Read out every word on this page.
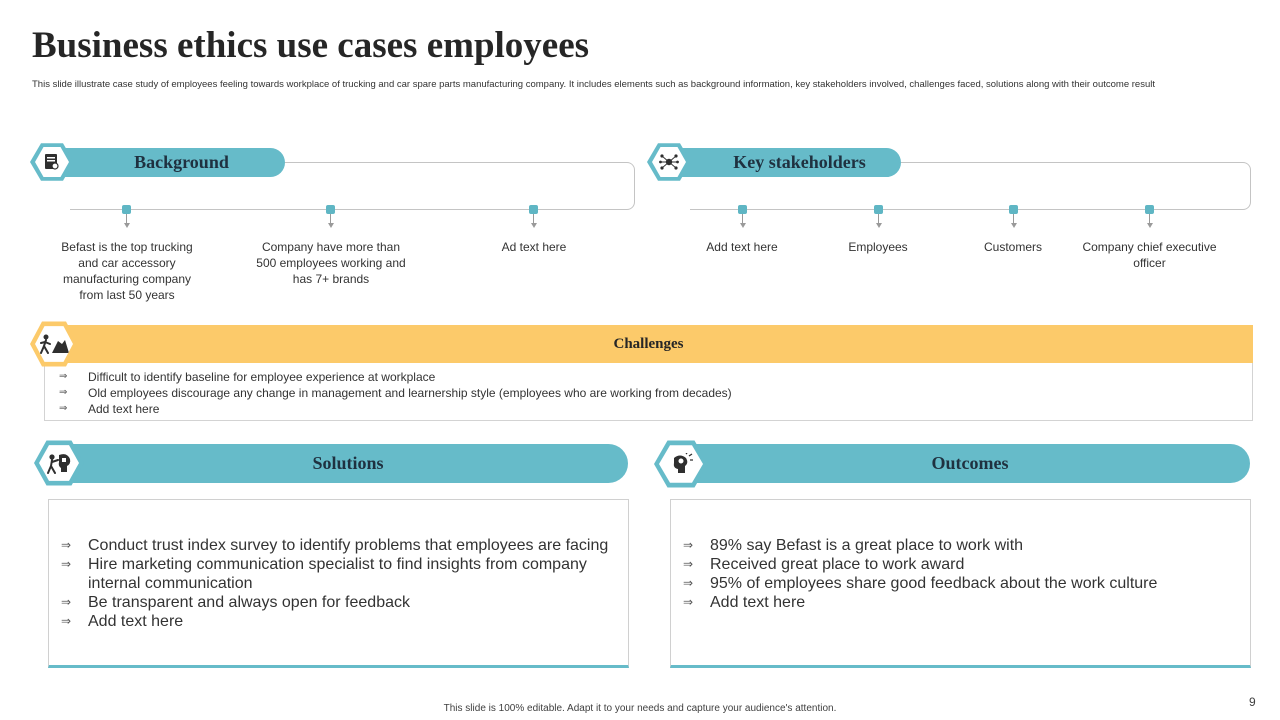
Business ethics use cases employees
This slide illustrate case study of employees feeling towards workplace of trucking and car spare parts manufacturing company. It includes elements such as background information, key stakeholders involved, challenges faced, solutions along with their outcome result
Background
Befast is the top trucking and car accessory manufacturing company from last 50 years
Company have more than 500 employees working and has 7+ brands
Ad text here
Key stakeholders
Add text here	Employees	Customers	Company chief executive officer
Challenges
⇒	Difficult to identify baseline for employee experience at workplace
⇒	Old employees discourage any change in management and learnership style (employees who are working from decades)
⇒	Add text here
Solutions
⇒	Conduct trust index survey to identify problems that employees are facing
⇒	Hire marketing communication specialist to find insights from company internal communication
⇒	Be transparent and always open for feedback
⇒	Add text here
Outcomes
⇒	89% say Befast is a great place to work with
⇒	Received great place to work award
⇒	95% of employees share good feedback about the work culture
⇒	Add text here
This slide is 100% editable. Adapt it to your needs and capture your audience's attention.	9
